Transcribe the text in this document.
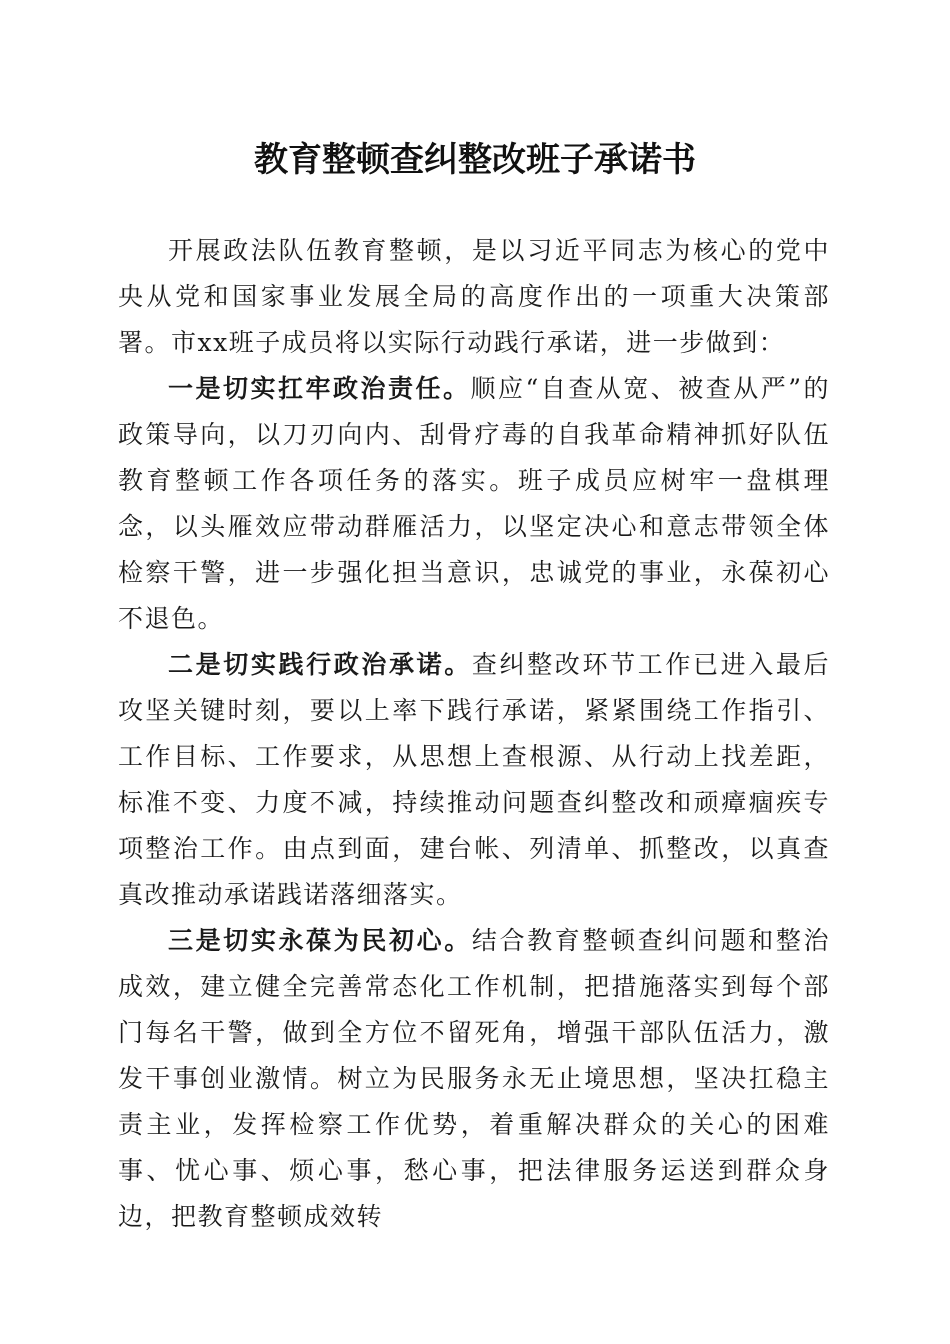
教育整顿查纠整改班子承诺书

开展政法队伍教育整顿，是以习近平同志为核心的党中央从党和国家事业发展全局的高度作出的一项重大决策部署。市xx班子成员将以实际行动践行承诺，进一步做到：

一是切实扛牢政治责任。顺应“自查从宽、被查从严”的政策导向，以刀刃向内、刮骨疗毒的自我革命精神抓好队伍教育整顿工作各项任务的落实。班子成员应树牢一盘棋理念，以头雁效应带动群雁活力，以坚定决心和意志带领全体检察干警，进一步强化担当意识，忠诚党的事业，永葆初心不退色。

二是切实践行政治承诺。查纠整改环节工作已进入最后攻坚关键时刻，要以上率下践行承诺，紧紧围绕工作指引、工作目标、工作要求，从思想上查根源、从行动上找差距，标准不变、力度不减，持续推动问题查纠整改和顽瘴痼疾专项整治工作。由点到面，建台帐、列清单、抓整改，以真查真改推动承诺践诺落细落实。

三是切实永葆为民初心。结合教育整顿查纠问题和整治成效，建立健全完善常态化工作机制，把措施落实到每个部门每名干警，做到全方位不留死角，增强干部队伍活力，激发干事创业激情。树立为民服务永无止境思想，坚决扛稳主责主业，发挥检察工作优势，着重解决群众的关心的困难事、忧心事、烦心事，愁心事，把法律服务运送到群众身边，把教育整顿成效转
